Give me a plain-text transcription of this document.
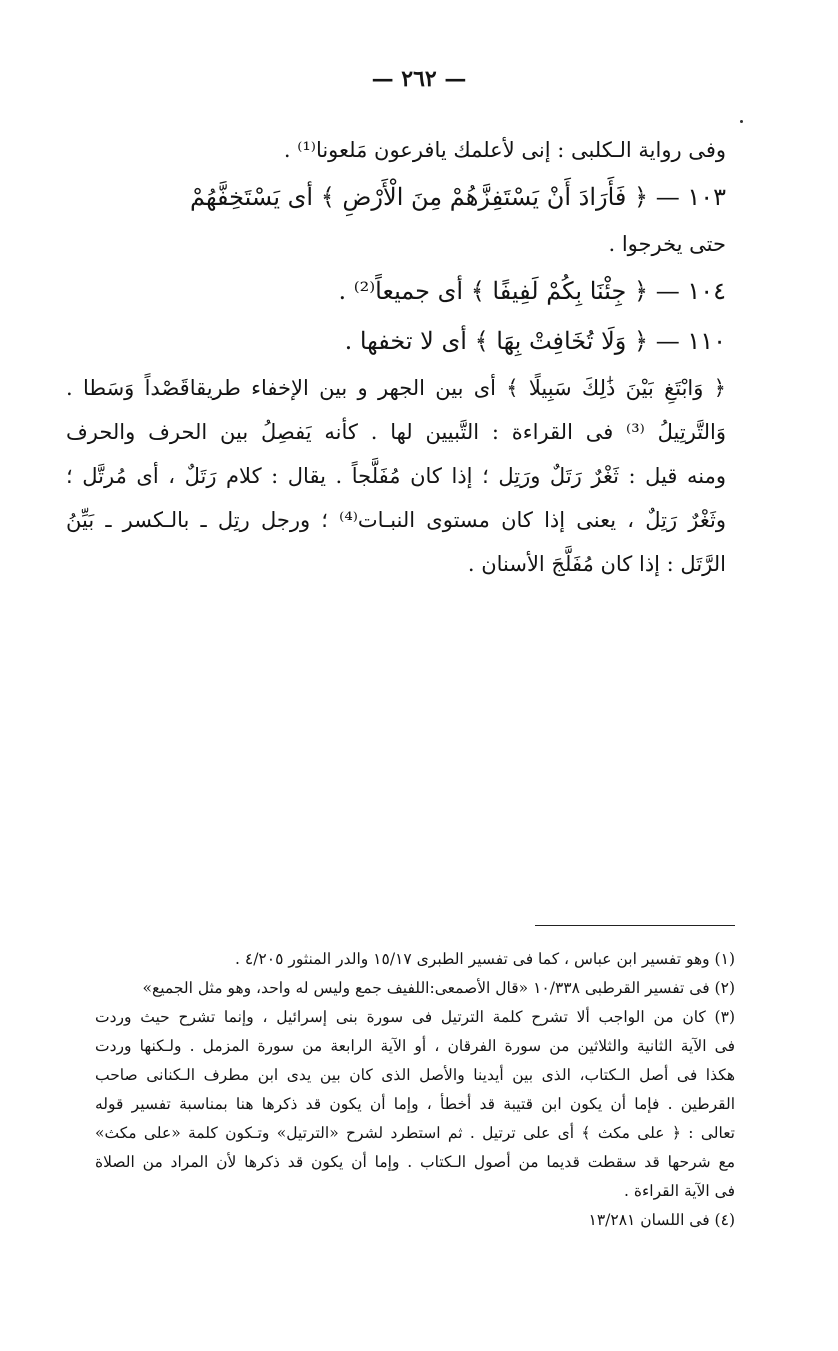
— ٢٦٢ —
وفى رواية الـكلبى : إنى لأعلمك يافرعون مَلعونا⁽¹⁾ .
١٠٣ — ﴿ فَأَرَادَ أَنْ يَسْتَفِزَّهُمْ مِنَ الْأَرْضِ ﴾ أى يَسْتَخِفَّهُمْ
حتى يخرجوا .
١٠٤ — ﴿ جِئْنَا بِكُمْ لَفِيفًا ﴾ أى جميعاً⁽²⁾ .
١١٠ — ﴿ وَلَا تُخَافِتْ بِهَا ﴾ أى لا تخفها .
﴿ وَابْتَغِ بَيْنَ ذَٰلِكَ سَبِيلًا ﴾ أى بين الجهر و بين الإخفاء طريقاقَصْداً وَسَطا .
وَالتَّرتِيلُ ⁽³⁾ فى القراءة : التَّبيين لها . كأنه يَفصِلُ بين الحرف والحرف
ومنه قيل : ثَغْرٌ رَتَلٌ ورَتِل ؛ إذا كان مُفَلَّجاً . يقال : كلام رَتَلٌ ، أى مُرتَّل ؛
وثَغْرٌ رَتِلٌ ، يعنى إذا كان مستوى النبـات⁽⁴⁾ ؛ ورجل رتِل ـ بالـكسر ـ بَيِّنُ
الرَّتَل : إذا كان مُفَلَّجَ الأسنان .
(١) وهو تفسير ابن عباس ، كما فى تفسير الطبرى ١٥/١٧ والدر المنثور ٤/٢٠٥ .
(٢) فى تفسير القرطبى ١٠/٣٣٨ «قال الأصمعى:اللفيف جمع وليس له واحد، وهو مثل الجميع»
(٣) كان من الواجب ألا تشرح كلمة الترتيل فى سورة بنى إسرائيل ، وإنما تشرح حيث وردت
فى الآية الثانية والثلاثين من سورة الفرقان ، أو الآية الرابعة من سورة المزمل . ولـكنها وردت
هكذا فى أصل الـكتاب، الذى بين أيدينا والأصل الذى كان بين يدى ابن مطرف الـكنانى صاحب
القرطين . فإما أن يكون ابن قتيبة قد أخطأ ، وإما أن يكون قد ذكرها هنا بمناسبة تفسير قوله
تعالى : ﴿ على مكث ﴾ أى على ترتيل . ثم استطرد لشرح «الترتيل» وتـكون كلمة «على مكث»
مع شرحها قد سقطت قديما من أصول الـكتاب . وإما أن يكون قد ذكرها لأن المراد من الصلاة
فى الآية القراءة .
(٤) فى اللسان ١٣/٢٨١
